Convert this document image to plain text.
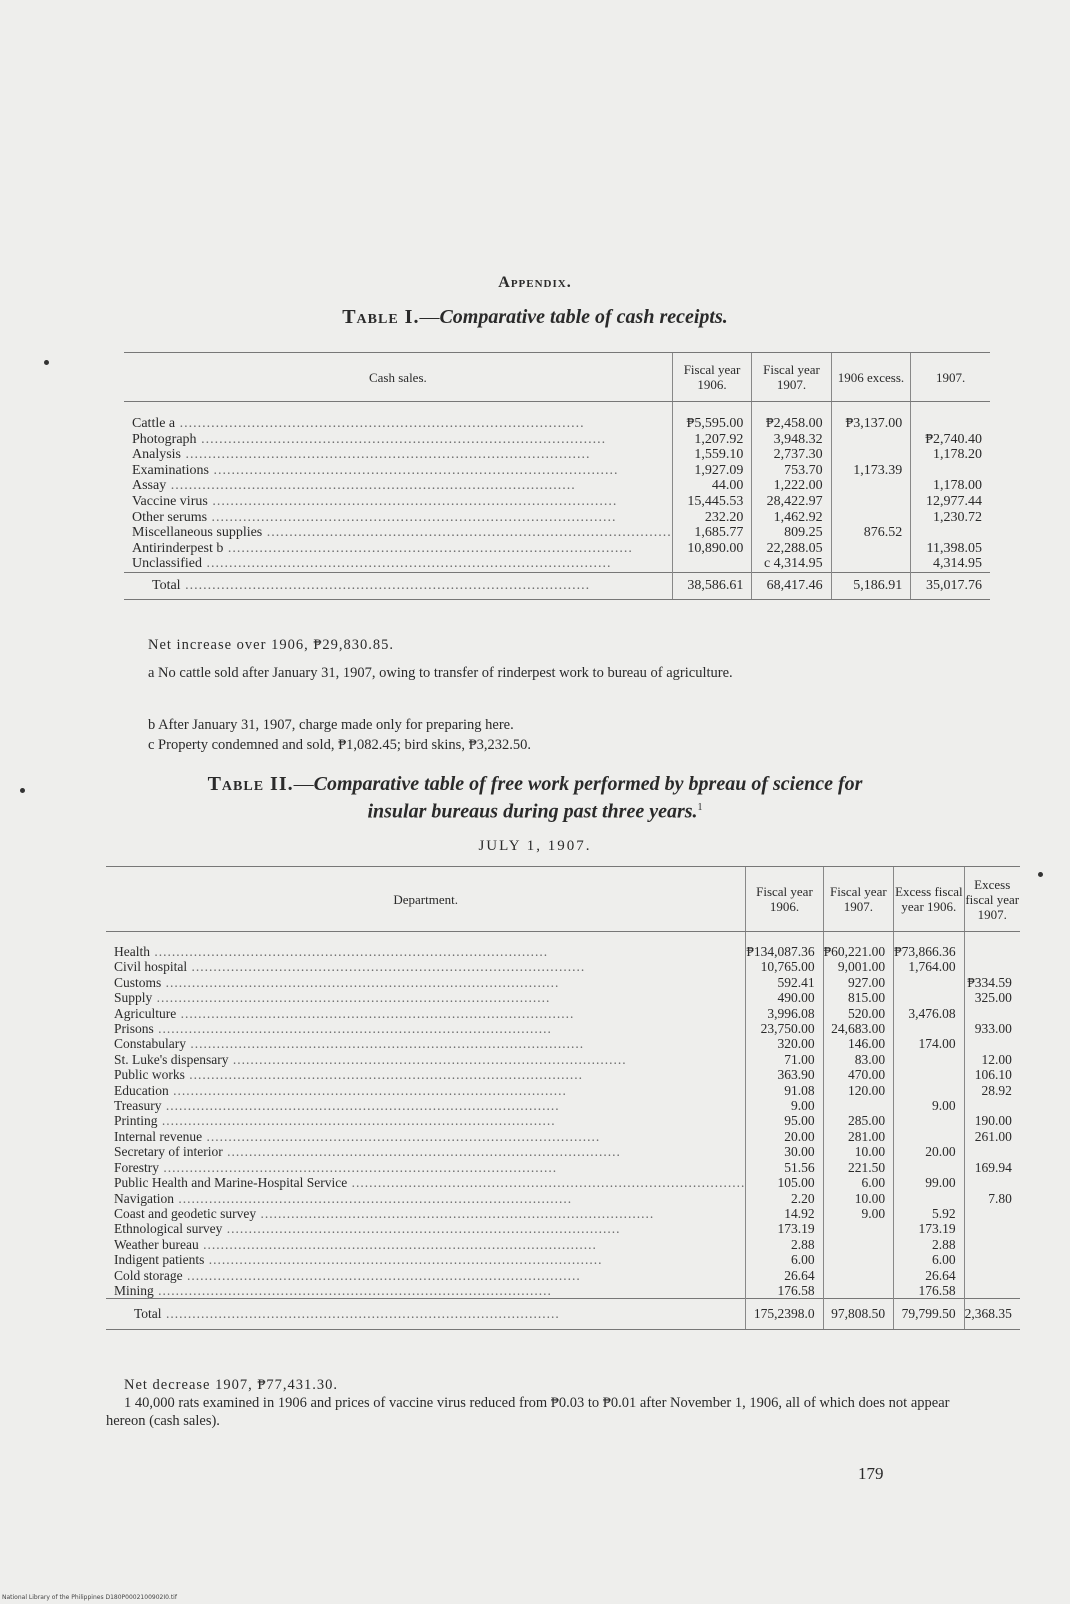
Appendix.
Table I.—Comparative table of cash receipts.
Cash sales.	Fiscal year 1906.	Fiscal year 1907.	1906 excess.	1907.
Cattle a ..........................................................................................	₱5,595.00	₱2,458.00	₱3,137.00	
Photograph ..........................................................................................	1,207.92	3,948.32		₱2,740.40
Analysis ..........................................................................................	1,559.10	2,737.30		1,178.20
Examinations ..........................................................................................	1,927.09	753.70	1,173.39	
Assay ..........................................................................................	44.00	1,222.00		1,178.00
Vaccine virus ..........................................................................................	15,445.53	28,422.97		12,977.44
Other serums ..........................................................................................	232.20	1,462.92		1,230.72
Miscellaneous supplies ..........................................................................................	1,685.77	809.25	876.52	
Antirinderpest b ..........................................................................................	10,890.00	22,288.05		11,398.05
Unclassified ..........................................................................................		c 4,314.95		4,314.95
Total ..........................................................................................	38,586.61	68,417.46	5,186.91	35,017.76
Net increase over 1906, ₱29,830.85.
a No cattle sold after January 31, 1907, owing to transfer of rinderpest work to bureau of agriculture.
b After January 31, 1907, charge made only for preparing here.
c Property condemned and sold, ₱1,082.45; bird skins, ₱3,232.50.
Table II.—Comparative table of free work performed by bpreau of science for
insular bureaus during past three years.$^1$
JULY 1, 1907.
Department.	Fiscal year 1906.	Fiscal year 1907.	Excess fiscal year 1906.	Excess fiscal year 1907.
Health ..........................................................................................	₱134,087.36	₱60,221.00	₱73,866.36	
Civil hospital ..........................................................................................	10,765.00	9,001.00	1,764.00	
Customs ..........................................................................................	592.41	927.00		₱334.59
Supply ..........................................................................................	490.00	815.00		325.00
Agriculture ..........................................................................................	3,996.08	520.00	3,476.08	
Prisons ..........................................................................................	23,750.00	24,683.00		933.00
Constabulary ..........................................................................................	320.00	146.00	174.00	
St. Luke's dispensary ..........................................................................................	71.00	83.00		12.00
Public works ..........................................................................................	363.90	470.00		106.10
Education ..........................................................................................	91.08	120.00		28.92
Treasury ..........................................................................................	9.00		9.00	
Printing ..........................................................................................	95.00	285.00		190.00
Internal revenue ..........................................................................................	20.00	281.00		261.00
Secretary of interior ..........................................................................................	30.00	10.00	20.00	
Forestry ..........................................................................................	51.56	221.50		169.94
Public Health and Marine-Hospital Service ..........................................................................................	105.00	6.00	99.00	
Navigation ..........................................................................................	2.20	10.00		7.80
Coast and geodetic survey ..........................................................................................	14.92	9.00	5.92	
Ethnological survey ..........................................................................................	173.19		173.19	
Weather bureau ..........................................................................................	2.88		2.88	
Indigent patients ..........................................................................................	6.00		6.00	
Cold storage ..........................................................................................	26.64		26.64	
Mining ..........................................................................................	176.58		176.58	
Total ..........................................................................................	175,2398.0	97,808.50	79,799.50	2,368.35
Net decrease 1907, ₱77,431.30.
1 40,000 rats examined in 1906 and prices of vaccine virus reduced from ₱0.03 to ₱0.01 after November 1, 1906, all of which does not appear hereon (cash sales).
179
National Library of the Philippines D180P0002100902I0.tif
